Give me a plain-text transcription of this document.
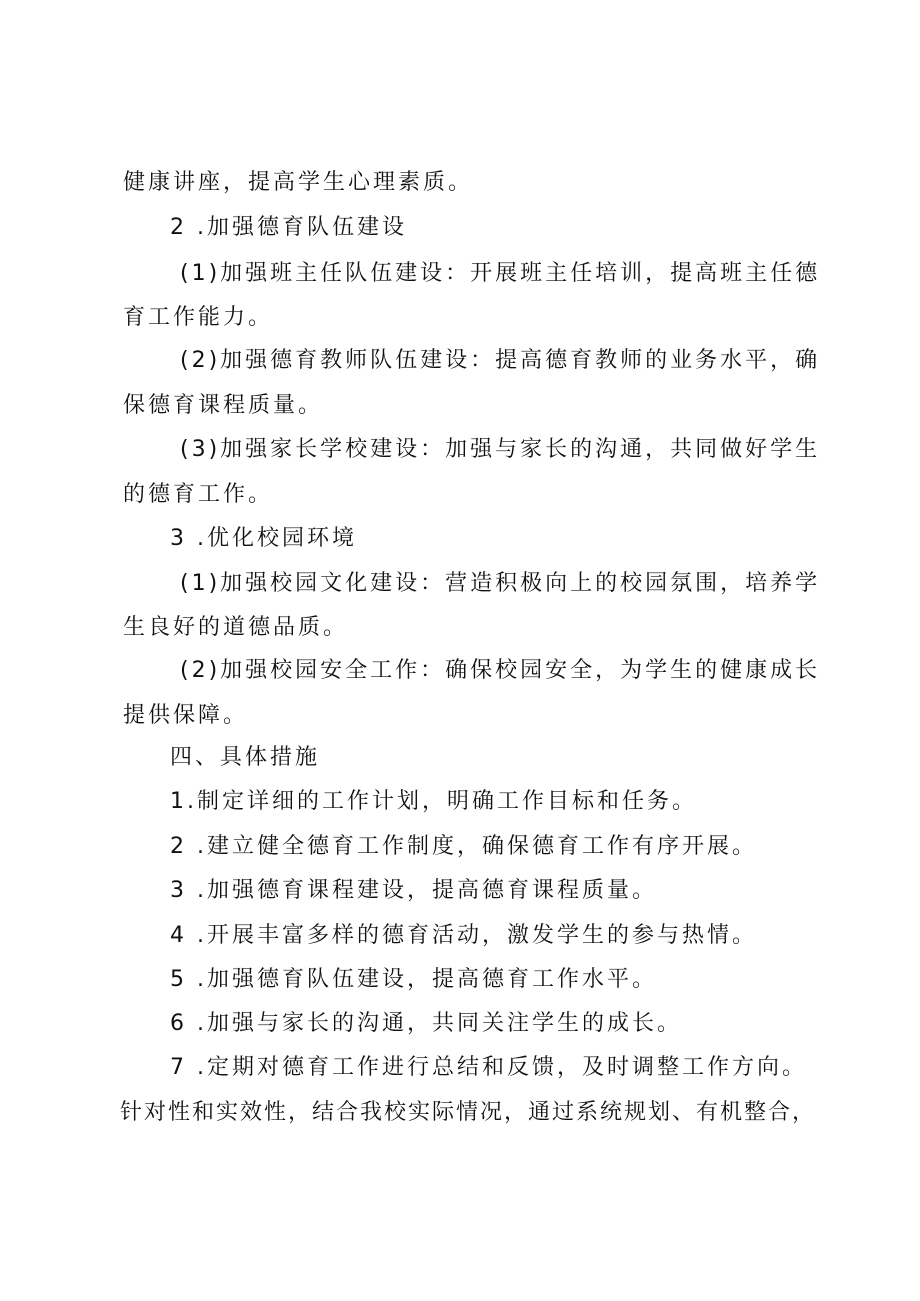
健康讲座，提高学生心理素质。
2 .加强德育队伍建设
(1)加强班主任队伍建设：开展班主任培训，提高班主任德
育工作能力。
(2)加强德育教师队伍建设：提高德育教师的业务水平，确
保德育课程质量。
(3)加强家长学校建设：加强与家长的沟通，共同做好学生
的德育工作。
3 .优化校园环境
(1)加强校园文化建设：营造积极向上的校园氛围，培养学
生良好的道德品质。
(2)加强校园安全工作：确保校园安全，为学生的健康成长
提供保障。
四、具体措施
1.制定详细的工作计划，明确工作目标和任务。
2 .建立健全德育工作制度，确保德育工作有序开展。
3 .加强德育课程建设，提高德育课程质量。
4 .开展丰富多样的德育活动，激发学生的参与热情。
5 .加强德育队伍建设，提高德育工作水平。
6 .加强与家长的沟通，共同关注学生的成长。
7 .定期对德育工作进行总结和反馈，及时调整工作方向。
针对性和实效性，结合我校实际情况，通过系统规划、有机整合，
